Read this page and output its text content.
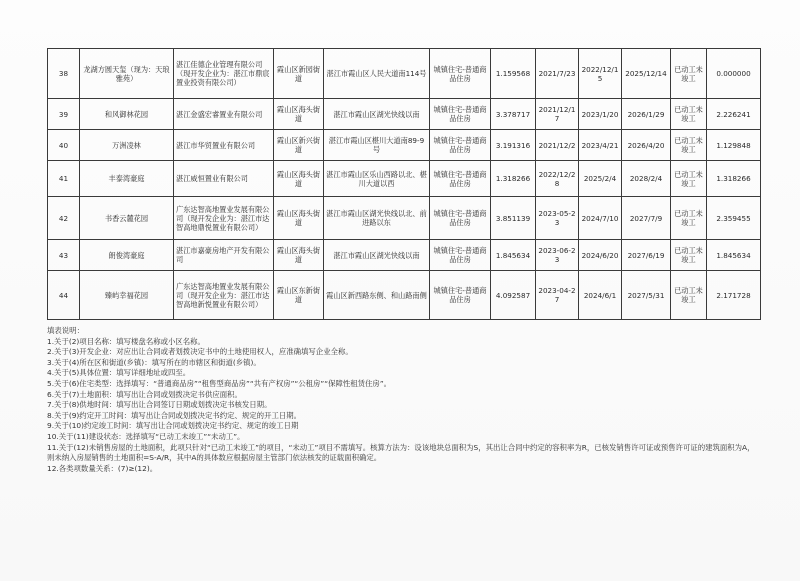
38	龙湖方圆天玺（现为：天琅雅苑）	湛江佳德企业管理有限公司（现开发企业为：湛江市鼎宸置业投资有限公司）	霞山区新园街道	湛江市霞山区人民大道南114号	城镇住宅-普通商品住房	1.159568	2021/7/23	2022/12/15	2025/12/14	已动工未竣工	0.000000
39	和风御林花园	湛江金盛宏睿置业有限公司	霞山区海头街道	湛江市霞山区湖光快线以南	城镇住宅-普通商品住房	3.378717	2021/12/17	2023/1/20	2026/1/29	已动工未竣工	2.226241
40	万洲凌林	湛江市华贸置业有限公司	霞山区新兴街道	湛江市霞山区椹川大道南89-9号	城镇住宅-普通商品住房	3.191316	2021/12/2	2023/4/21	2026/4/20	已动工未竣工	1.129848
41	丰泰湾豪庭	湛江威恒置业有限公司	霞山区海头街道	湛江市霞山区乐山西路以北、椹川大道以西	城镇住宅-普通商品住房	1.318266	2022/12/28	2025/2/4	2028/2/4	已动工未竣工	1.318266
42	书香云麓花园	广东达智高地置业发展有限公司（现开发企业为：湛江市达智高地鼎悦置业有限公司）	霞山区海头街道	湛江市霞山区湖光快线以北、前进路以东	城镇住宅-普通商品住房	3.851139	2023-05-23	2024/7/10	2027/7/9	已动工未竣工	2.359455
43	朗俊湾豪庭	湛江市嘉豪房地产开发有限公司	霞山区海头街道	湛江市霞山区湖光快线以南	城镇住宅-普通商品住房	1.845634	2023-06-23	2024/6/20	2027/6/19	已动工未竣工	1.845634
44	臻屿幸福花园	广东达智高地置业发展有限公司（现开发企业为：湛江市达智高地新悦置业有限公司）	霞山区东新街道	霞山区新西路东侧、和山路南侧	城镇住宅-普通商品住房	4.092587	2023-04-27	2024/6/1	2027/5/31	已动工未竣工	2.171728
填表说明：
1.关于(2)项目名称：填写楼盘名称或小区名称。
2.关于(3)开发企业：对应出让合同或者划拨决定书中的土地使用权人，应准确填写企业全称。
3.关于(4)所在区和街道(乡镇)：填写所在的市辖区和街道(乡镇)。
4.关于(5)具体位置：填写详细地址或四至。
5.关于(6)住宅类型：选择填写：“普通商品房”“租售型商品房”“共有产权房”“公租房”“保障性租赁住房”。
6.关于(7)土地面积：填写出让合同或划拨决定书供应面积。
7.关于(8)供地时间：填写出让合同签订日期或划拨决定书核发日期。
8.关于(9)约定开工时间：填写出让合同或划拨决定书约定、规定的开工日期。
9.关于(10)约定竣工时间：填写出让合同或划拨决定书约定、规定的竣工日期
10.关于(11)建设状态：选择填写“已动工未竣工”“未动工”。
11.关于(12)未销售房屋的土地面积，此项只针对“已动工未竣工”的项目，“未动工”项目不需填写。核算方法为：设该地块总面积为S，其出让合同中约定的容积率为R，已核发销售许可证或预售许可证的建筑面积为A，则未纳入房屋销售的土地面积=S-A/R，其中A的具体数应根据房屋主管部门依法核发的证载面积确定。
12.各类项数量关系：(7)≥(12)。
